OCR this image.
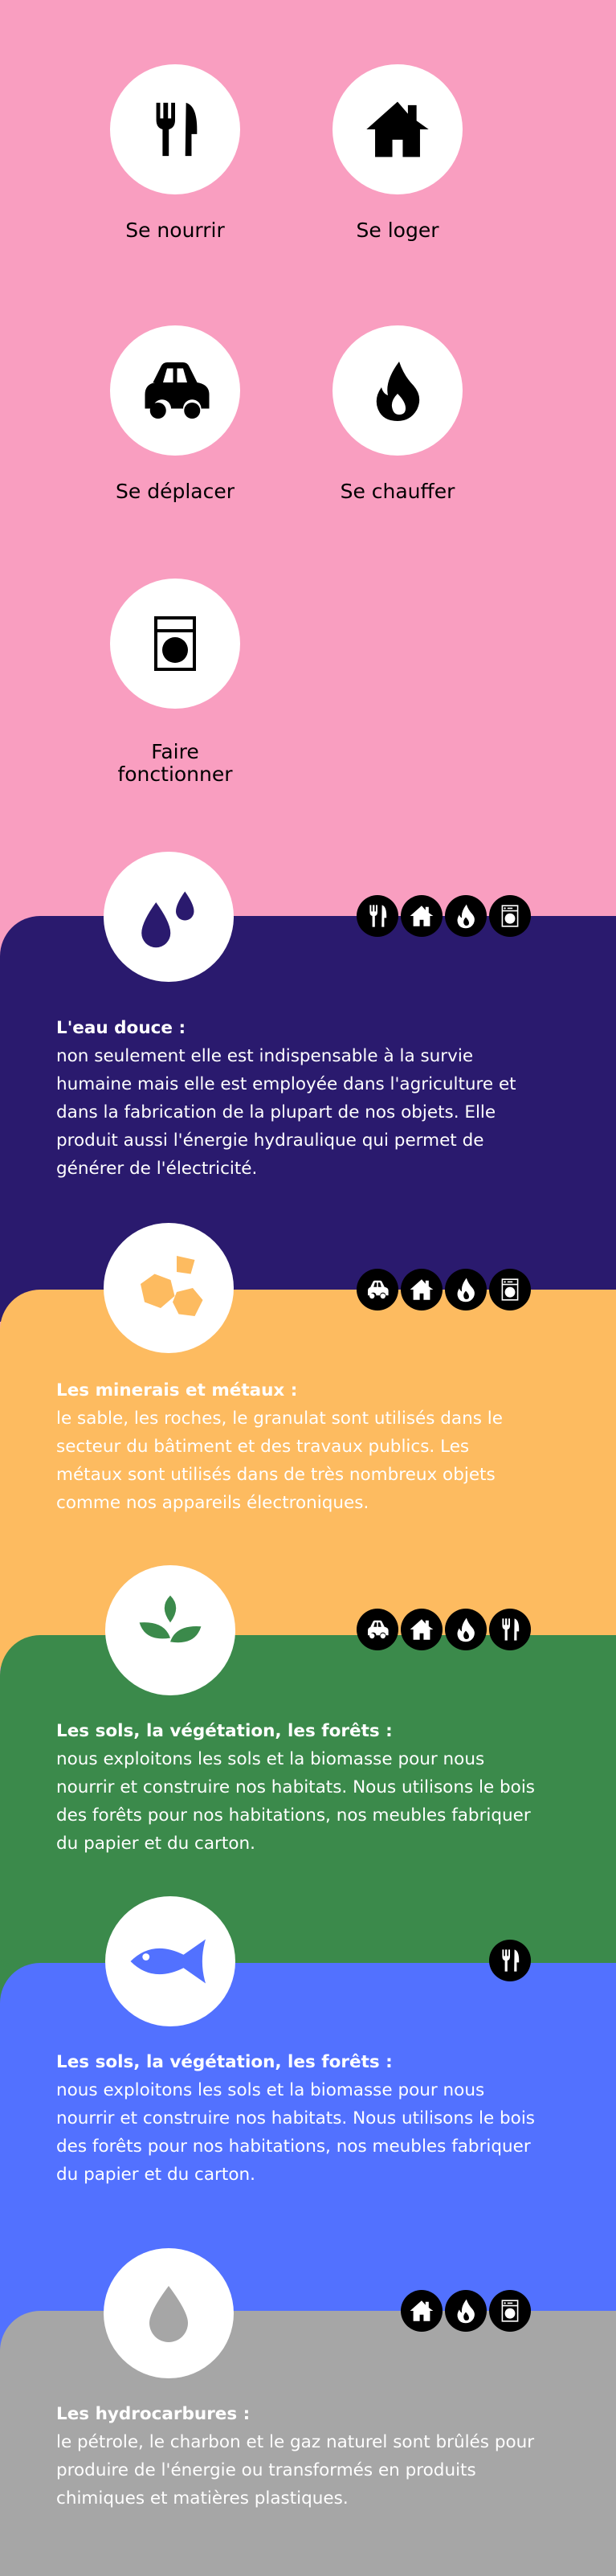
Se nourrir	Se loger
Se déplacer	Se chauffer
Faire
fonctionner
L'eau douce :
non seulement elle est indispensable à la survie humaine mais elle est employée dans l'agriculture et dans la fabrication de la plupart de nos objets. Elle produit aussi l'énergie hydraulique qui permet de générer de l'électricité.
Les minerais et métaux :
le sable, les roches, le granulat sont utilisés dans le secteur du bâtiment et des travaux publics. Les métaux sont utilisés dans de très nombreux objets comme nos appareils électroniques.
Les sols, la végétation, les forêts :
nous exploitons les sols et la biomasse pour nous nourrir et construire nos habitats. Nous utilisons le bois des forêts pour nos habitations, nos meubles fabriquer du papier et du carton.
Les sols, la végétation, les forêts :
nous exploitons les sols et la biomasse pour nous nourrir et construire nos habitats. Nous utilisons le bois des forêts pour nos habitations, nos meubles fabriquer du papier et du carton.
Les hydrocarbures :
le pétrole, le charbon et le gaz naturel sont brûlés pour produire de l'énergie ou transformés en produits chimiques et matières plastiques.
